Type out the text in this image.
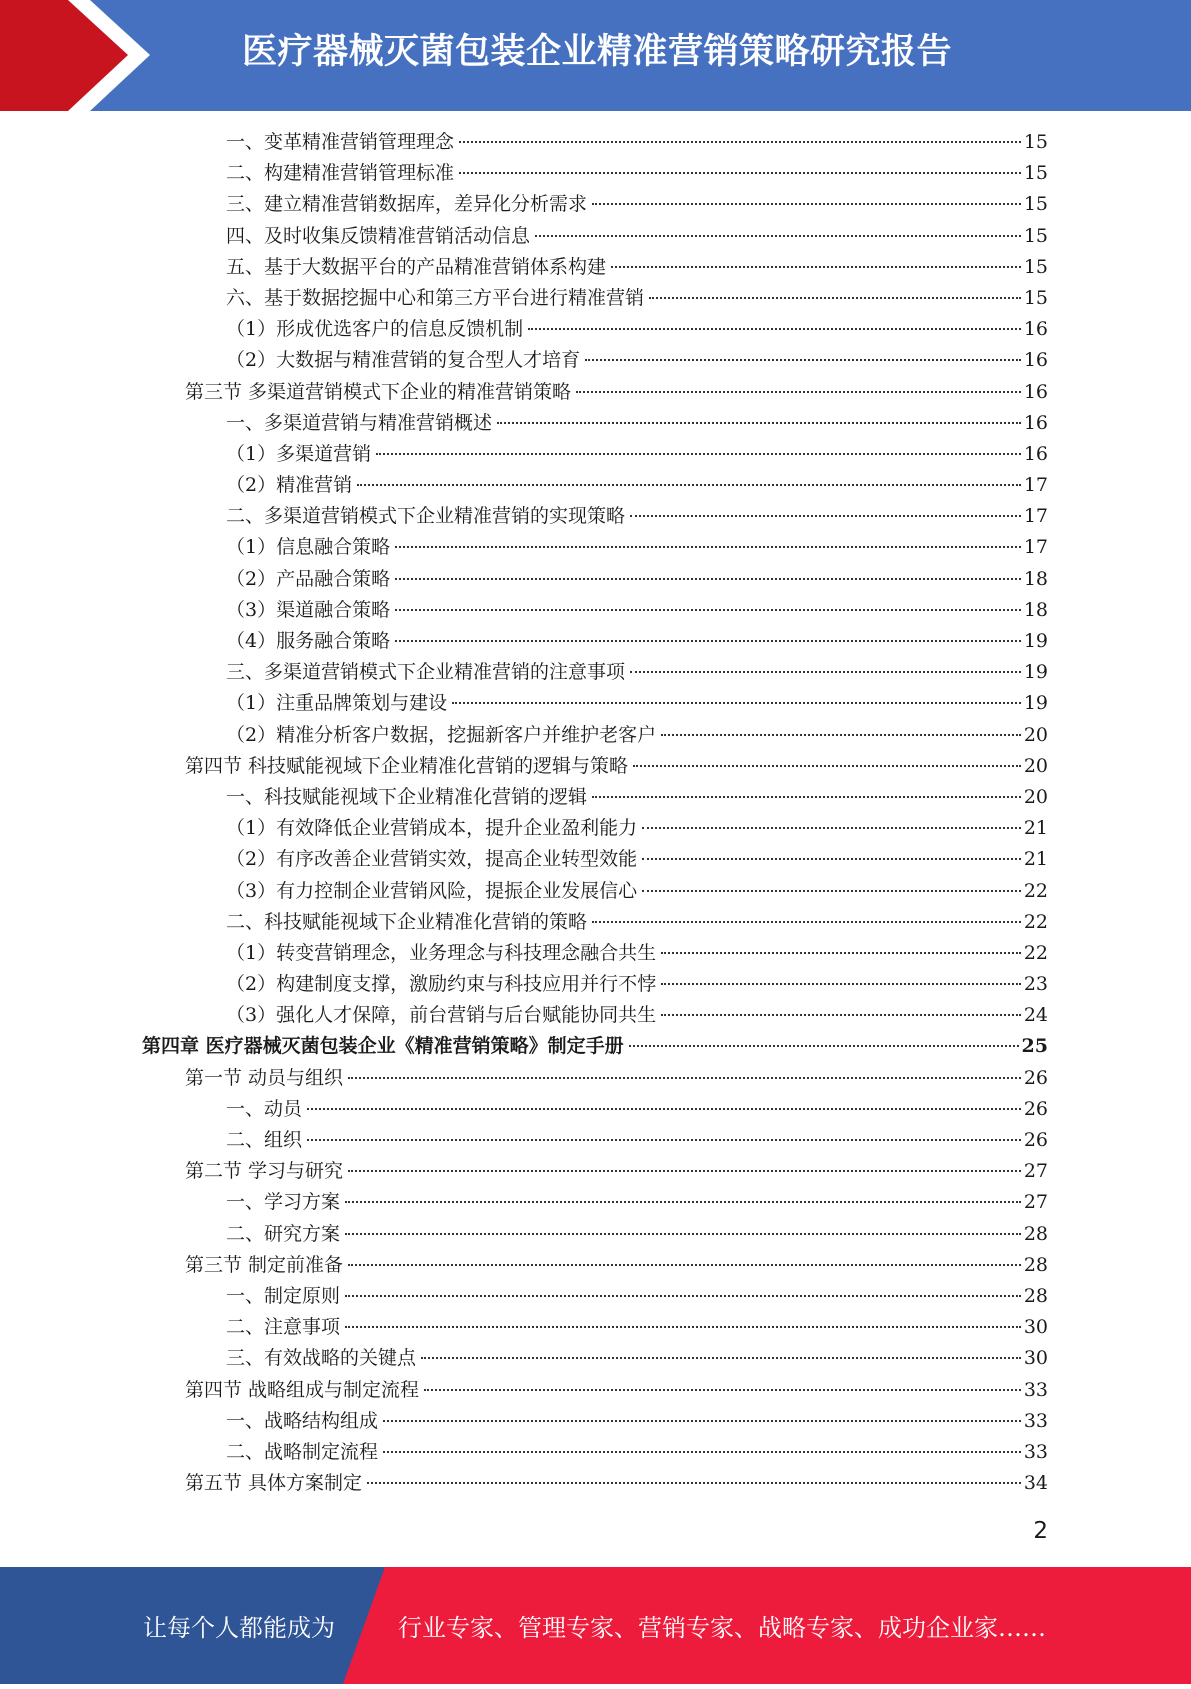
医疗器械灭菌包装企业精准营销策略研究报告
一、变革精准营销管理理念	15
二、构建精准营销管理标准	15
三、建立精准营销数据库，差异化分析需求	15
四、及时收集反馈精准营销活动信息	15
五、基于大数据平台的产品精准营销体系构建	15
六、基于数据挖掘中心和第三方平台进行精准营销	15
（1）形成优选客户的信息反馈机制	16
（2）大数据与精准营销的复合型人才培育	16
第三节 多渠道营销模式下企业的精准营销策略	16
一、多渠道营销与精准营销概述	16
（1）多渠道营销	16
（2）精准营销	17
二、多渠道营销模式下企业精准营销的实现策略	17
（1）信息融合策略	17
（2）产品融合策略	18
（3）渠道融合策略	18
（4）服务融合策略	19
三、多渠道营销模式下企业精准营销的注意事项	19
（1）注重品牌策划与建设	19
（2）精准分析客户数据，挖掘新客户并维护老客户	20
第四节 科技赋能视域下企业精准化营销的逻辑与策略	20
一、科技赋能视域下企业精准化营销的逻辑	20
（1）有效降低企业营销成本，提升企业盈利能力	21
（2）有序改善企业营销实效，提高企业转型效能	21
（3）有力控制企业营销风险，提振企业发展信心	22
二、科技赋能视域下企业精准化营销的策略	22
（1）转变营销理念，业务理念与科技理念融合共生	22
（2）构建制度支撑，激励约束与科技应用并行不悖	23
（3）强化人才保障，前台营销与后台赋能协同共生	24
第四章 医疗器械灭菌包装企业《精准营销策略》制定手册	25
第一节 动员与组织	26
一、动员	26
二、组织	26
第二节 学习与研究	27
一、学习方案	27
二、研究方案	28
第三节 制定前准备	28
一、制定原则	28
二、注意事项	30
三、有效战略的关键点	30
第四节 战略组成与制定流程	33
一、战略结构组成	33
二、战略制定流程	33
第五节 具体方案制定	34
2
让每个人都能成为	行业专家、管理专家、营销专家、战略专家、成功企业家……
